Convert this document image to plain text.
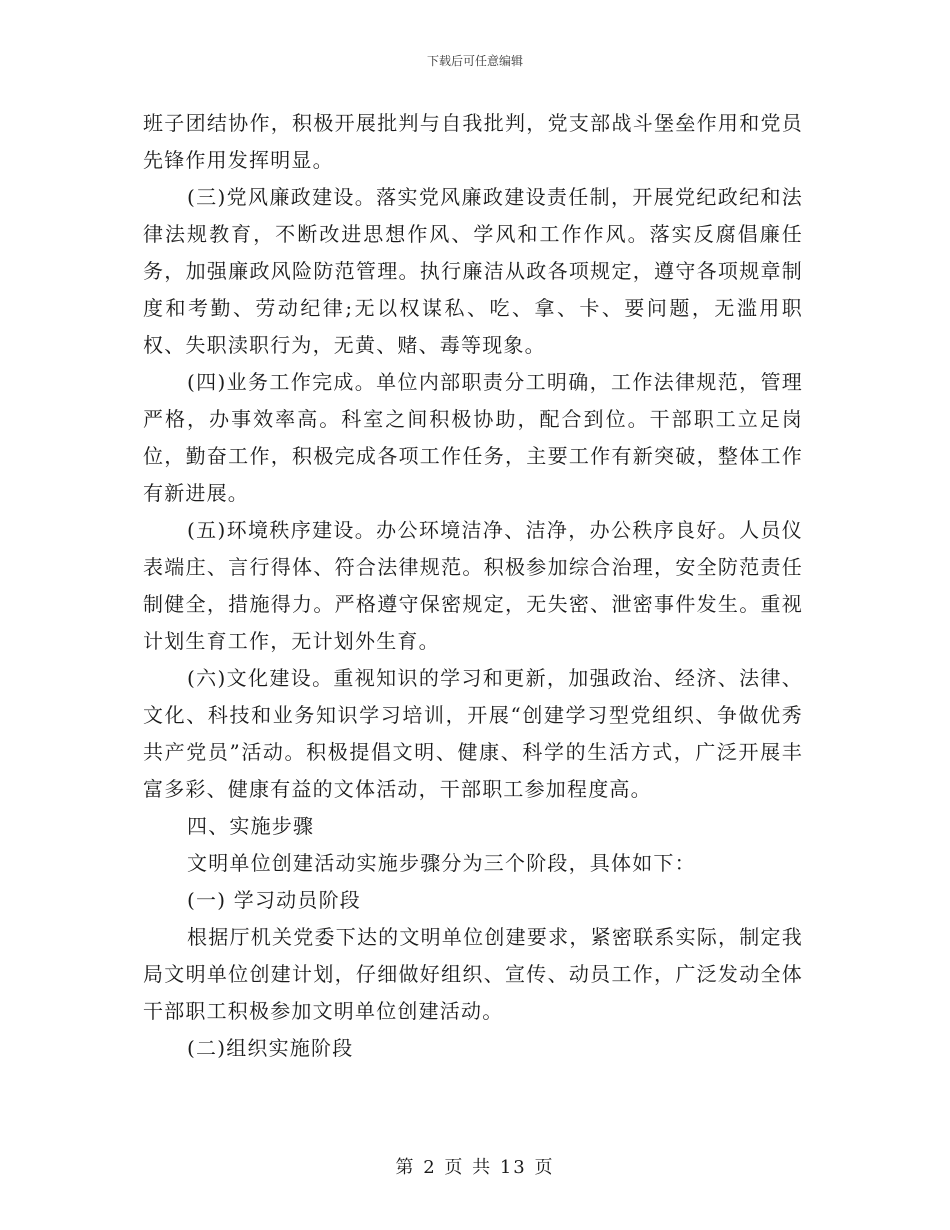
下载后可任意编辑

班子团结协作，积极开展批判与自我批判，党支部战斗堡垒作用和党员先锋作用发挥明显。

(三)党风廉政建设。落实党风廉政建设责任制，开展党纪政纪和法律法规教育，不断改进思想作风、学风和工作作风。落实反腐倡廉任务，加强廉政风险防范管理。执行廉洁从政各项规定，遵守各项规章制度和考勤、劳动纪律;无以权谋私、吃、拿、卡、要问题，无滥用职权、失职渎职行为，无黄、赌、毒等现象。

(四)业务工作完成。单位内部职责分工明确，工作法律规范，管理严格，办事效率高。科室之间积极协助，配合到位。干部职工立足岗位，勤奋工作，积极完成各项工作任务，主要工作有新突破，整体工作有新进展。

(五)环境秩序建设。办公环境洁净、洁净，办公秩序良好。人员仪表端庄、言行得体、符合法律规范。积极参加综合治理，安全防范责任制健全，措施得力。严格遵守保密规定，无失密、泄密事件发生。重视计划生育工作，无计划外生育。

(六)文化建设。重视知识的学习和更新，加强政治、经济、法律、文化、科技和业务知识学习培训，开展“创建学习型党组织、争做优秀共产党员”活动。积极提倡文明、健康、科学的生活方式，广泛开展丰富多彩、健康有益的文体活动，干部职工参加程度高。

四、实施步骤

文明单位创建活动实施步骤分为三个阶段，具体如下：

(一) 学习动员阶段

根据厅机关党委下达的文明单位创建要求，紧密联系实际，制定我局文明单位创建计划，仔细做好组织、宣传、动员工作，广泛发动全体干部职工积极参加文明单位创建活动。

(二)组织实施阶段

第 2 页 共 13 页
